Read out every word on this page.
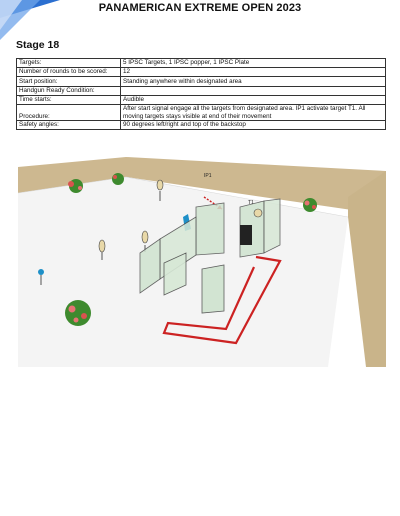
PANAMERICAN EXTREME OPEN 2023
Stage 18
Targets:	5 IPSC Targets, 1 IPSC popper, 1 IPSC Plate
Number of rounds to be scored:	12
Start position:	Standing anywhere within designated area
Handgun Ready Condition:	
Time starts:	Audible
Procedure:	After start signal engage all the targets from designated area. IP1 activate target T1. All moving targets stays visible at end of their movement
Safety angles:	90 degrees left/right and top of the backstop
IP1
T1
